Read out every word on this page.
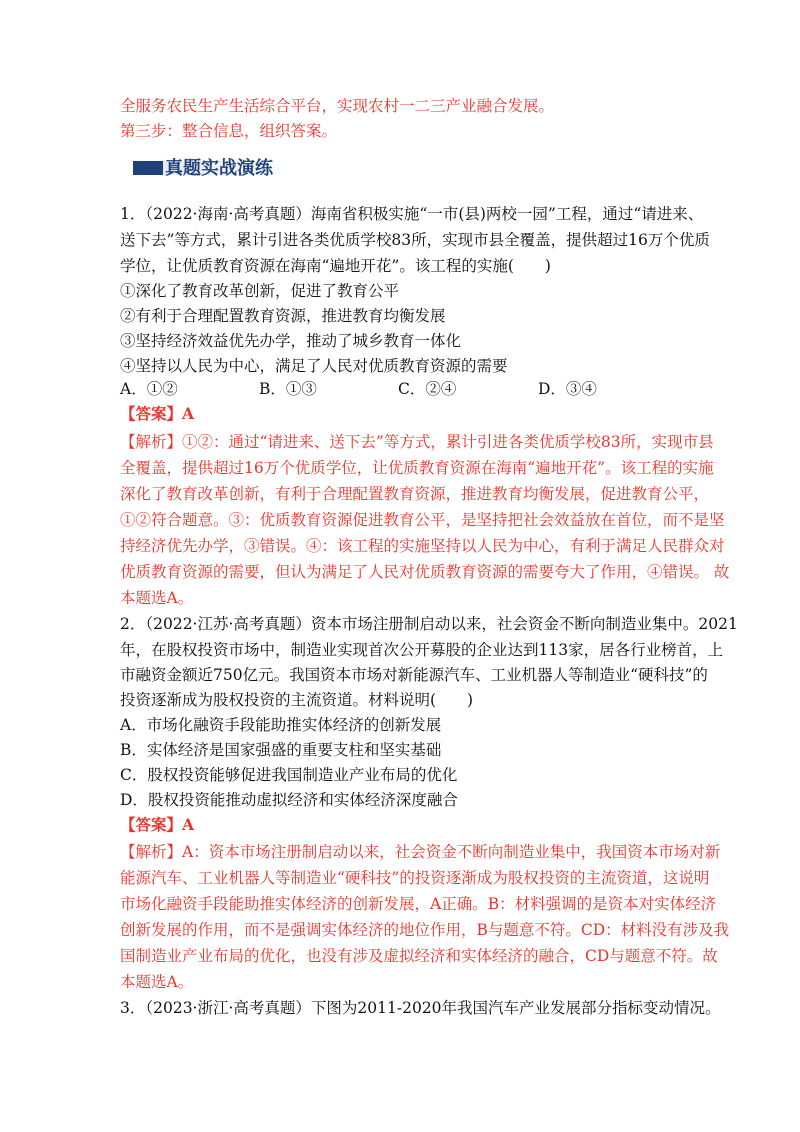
全服务农民生产生活综合平台，实现农村一二三产业融合发展。
第三步：整合信息，组织答案。
真题实战演练
1．（2022·海南·高考真题）海南省积极实施“一市(县)两校一园”工程，通过“请进来、
送下去”等方式，累计引进各类优质学校83所，实现市县全覆盖，提供超过16万个优质
学位，让优质教育资源在海南“遍地开花”。该工程的实施(　　)
①深化了教育改革创新，促进了教育公平
②有利于合理配置教育资源，推进教育均衡发展
③坚持经济效益优先办学，推动了城乡教育一体化
④坚持以人民为中心，满足了人民对优质教育资源的需要
A．①②	B．①③	C．②④	D．③④
【答案】A
【解析】①②：通过“请进来、送下去”等方式，累计引进各类优质学校83所，实现市县
全覆盖，提供超过16万个优质学位，让优质教育资源在海南“遍地开花”。该工程的实施
深化了教育改革创新，有利于合理配置教育资源，推进教育均衡发展，促进教育公平，
①②符合题意。③：优质教育资源促进教育公平，是坚持把社会效益放在首位，而不是坚
持经济优先办学，③错误。④：该工程的实施坚持以人民为中心，有利于满足人民群众对
优质教育资源的需要，但认为满足了人民对优质教育资源的需要夸大了作用，④错误。 故
本题选A。
2．（2022·江苏·高考真题）资本市场注册制启动以来，社会资金不断向制造业集中。2021
年，在股权投资市场中，制造业实现首次公开募股的企业达到113家，居各行业榜首，上
市融资金额近750亿元。我国资本市场对新能源汽车、工业机器人等制造业“硬科技”的
投资逐渐成为股权投资的主流资道。材料说明(　　)
A．市场化融资手段能助推实体经济的创新发展
B．实体经济是国家强盛的重要支柱和坚实基础
C．股权投资能够促进我国制造业产业布局的优化
D．股权投资能推动虚拟经济和实体经济深度融合
【答案】A
【解析】A：资本市场注册制启动以来，社会资金不断向制造业集中，我国资本市场对新
能源汽车、工业机器人等制造业“硬科技”的投资逐渐成为股权投资的主流资道，这说明
市场化融资手段能助推实体经济的创新发展，A正确。B：材料强调的是资本对实体经济
创新发展的作用，而不是强调实体经济的地位作用，B与题意不符。CD：材料没有涉及我
国制造业产业布局的优化，也没有涉及虚拟经济和实体经济的融合，CD与题意不符。故
本题选A。
3．（2023·浙江·高考真题）下图为2011-2020年我国汽车产业发展部分指标变动情况。
